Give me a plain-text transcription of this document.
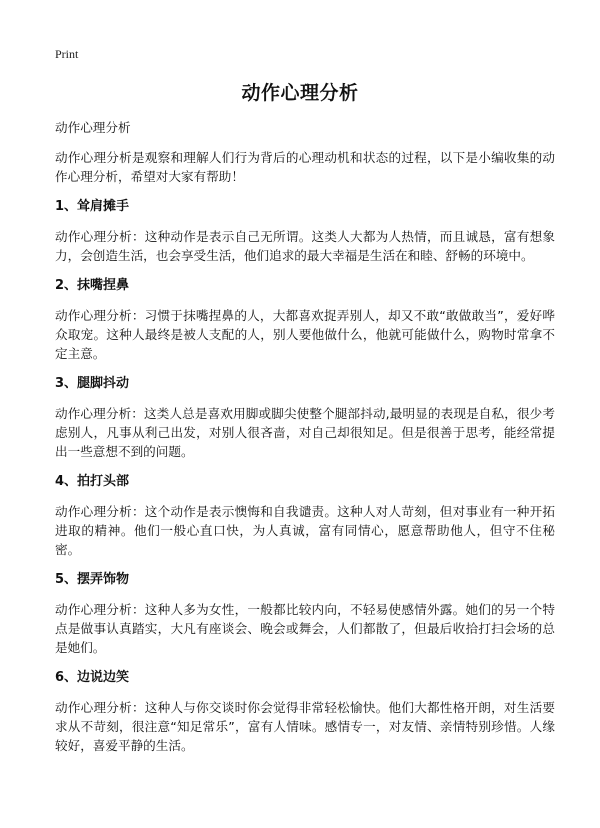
Print
动作心理分析

动作心理分析

动作心理分析是观察和理解人们行为背后的心理动机和状态的过程，以下是小编收集的动作心理分析，希望对大家有帮助！

1、耸肩摊手

动作心理分析：这种动作是表示自己无所谓。这类人大都为人热情，而且诚恳，富有想象力，会创造生活，也会享受生活，他们追求的最大幸福是生活在和睦、舒畅的环境中。

2、抹嘴捏鼻

动作心理分析：习惯于抹嘴捏鼻的人，大都喜欢捉弄别人，却又不敢“敢做敢当”，爱好哗众取宠。这种人最终是被人支配的人，别人要他做什么，他就可能做什么，购物时常拿不定主意。

3、腿脚抖动

动作心理分析：这类人总是喜欢用脚或脚尖使整个腿部抖动,最明显的表现是自私，很少考虑别人，凡事从利己出发，对别人很吝啬，对自己却很知足。但是很善于思考，能经常提出一些意想不到的问题。

4、拍打头部

动作心理分析：这个动作是表示懊悔和自我谴责。这种人对人苛刻，但对事业有一种开拓进取的精神。他们一般心直口快，为人真诚，富有同情心，愿意帮助他人，但守不住秘密。

5、摆弄饰物

动作心理分析：这种人多为女性，一般都比较内向，不轻易使感情外露。她们的另一个特点是做事认真踏实，大凡有座谈会、晚会或舞会，人们都散了，但最后收拾打扫会场的总是她们。

6、边说边笑

动作心理分析：这种人与你交谈时你会觉得非常轻松愉快。他们大都性格开朗，对生活要求从不苛刻，很注意“知足常乐”，富有人情味。感情专一，对友情、亲情特别珍惜。人缘较好，喜爱平静的生活。
